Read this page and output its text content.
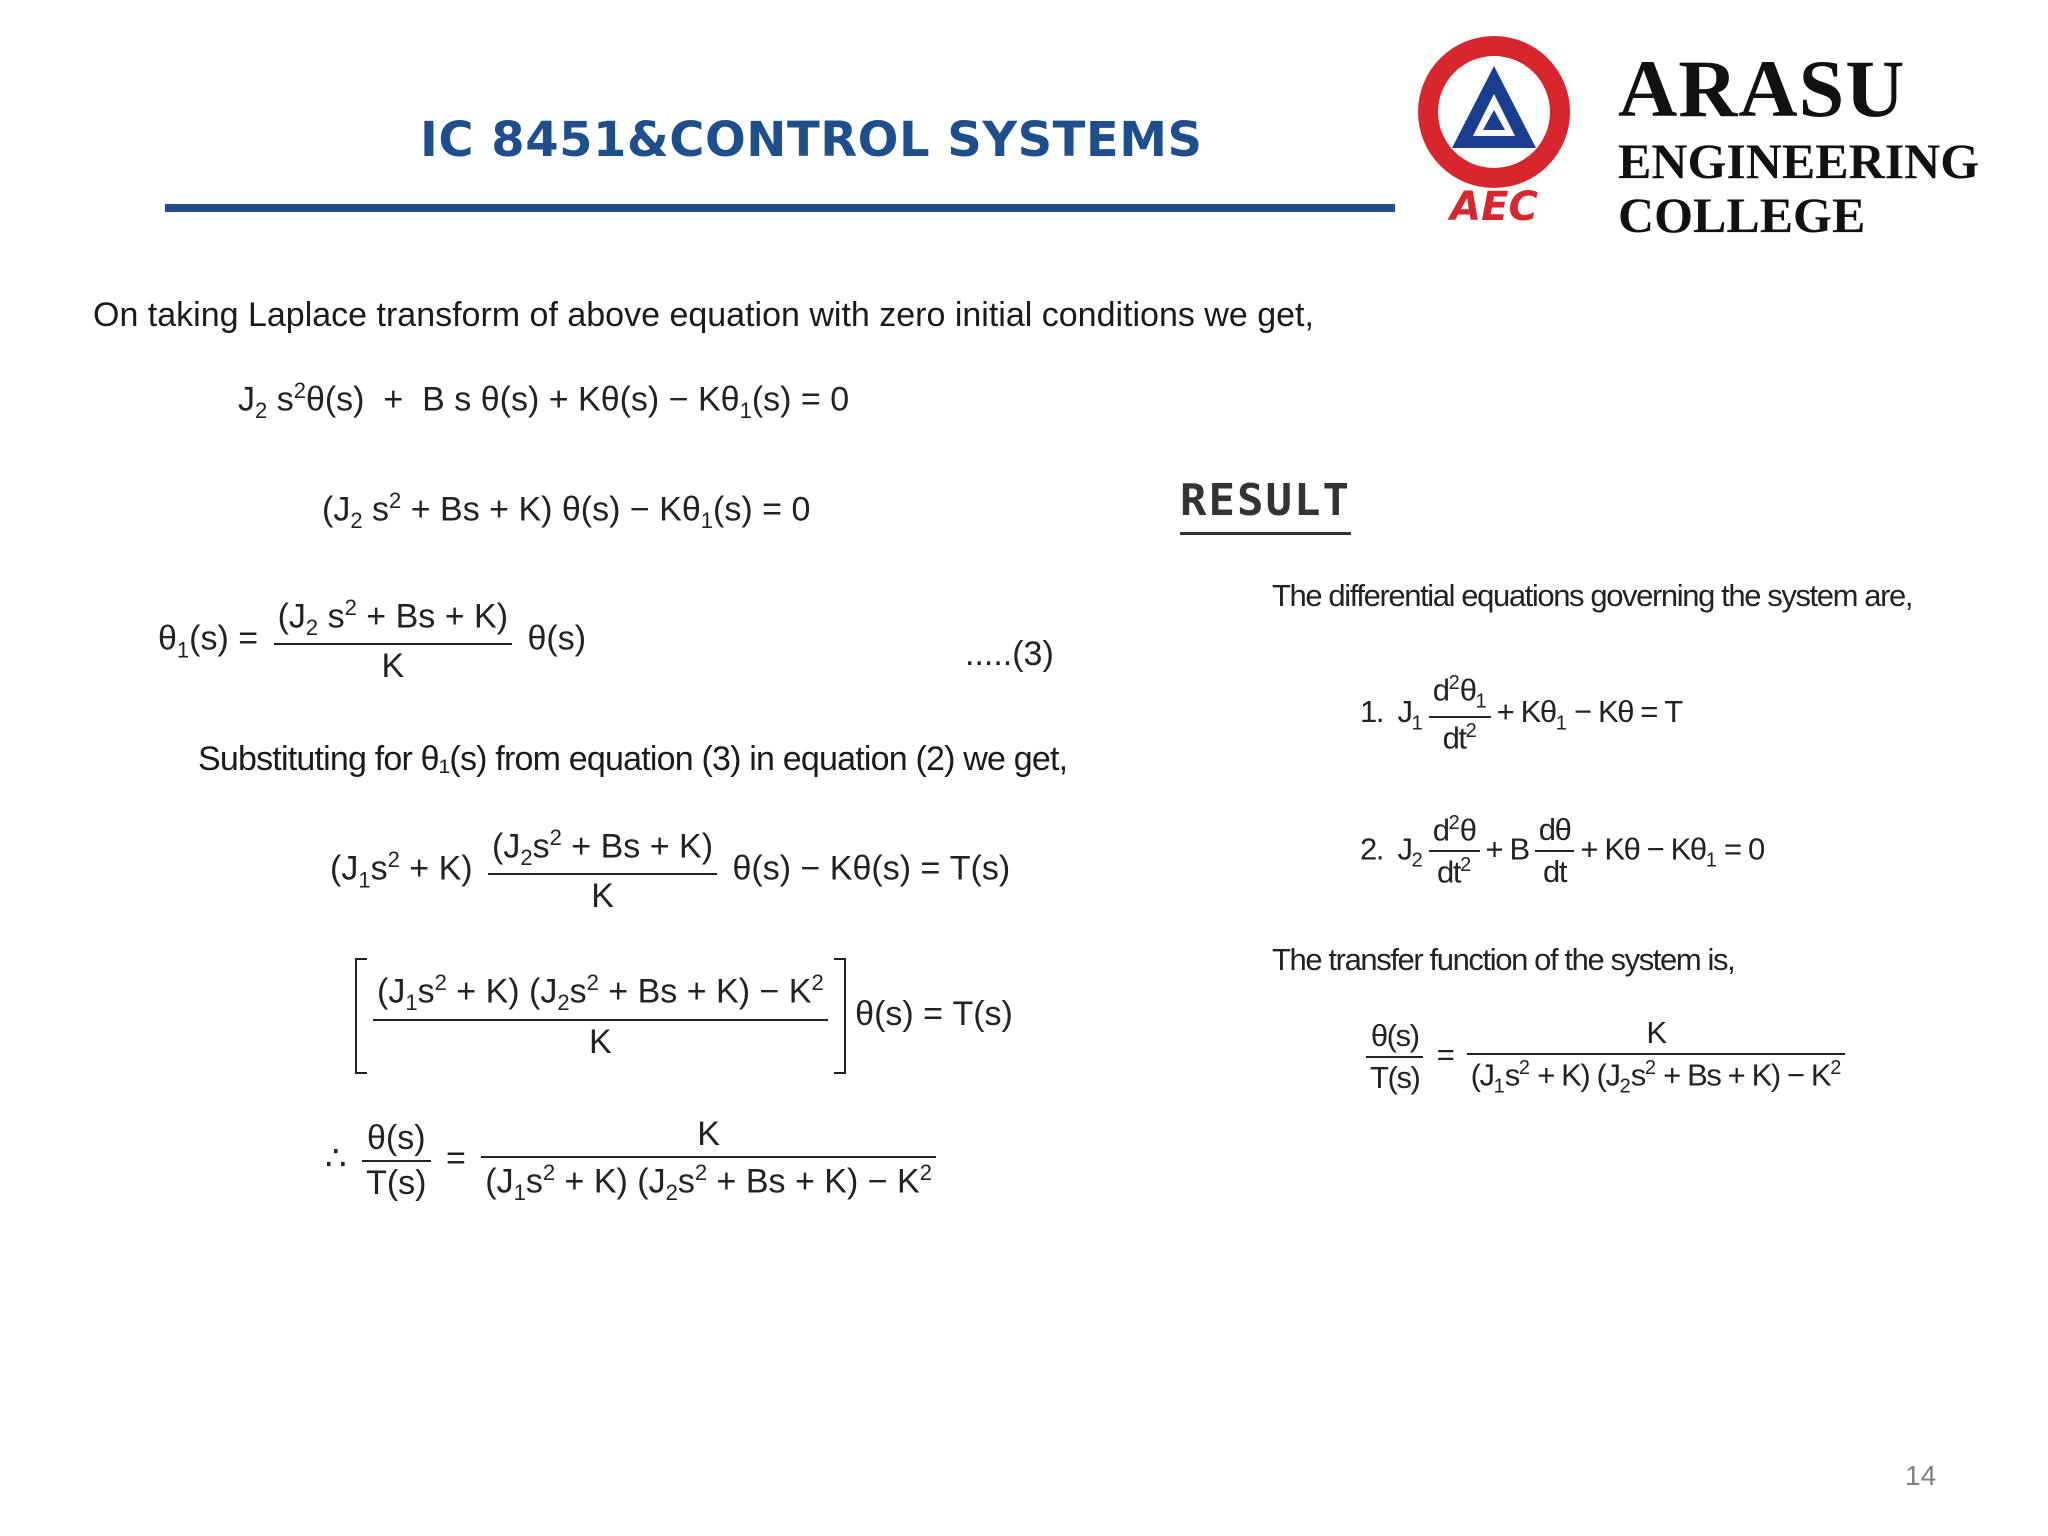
IC 8451&CONTROL SYSTEMS
AEC
ARASU
ENGINEERING
COLLEGE
On taking Laplace transform of above equation with zero initial conditions we get,
$J_2$ $s^2\theta(s) + B$ s $\theta(s) + K\theta(s) - K\theta_1(s) = 0$
($J_2$ $s^2 + Bs + K$) $\theta(s) - K\theta_1(s) = 0$
$\theta_1(s) = \frac{(J_2 s^2 + Bs + K)}{K} \theta(s)$	.....(3)
Substituting for θ₁(s) from equation (3) in equation (2) we get,
$(J_1s^2 + K) \frac{(J_2s^2 + Bs + K)}{K} \theta(s) - K\theta(s) = T(s)$
$\frac{(J_1s^2 + K) (J_2s^2 + Bs + K) - K^2}{K} \theta(s) = T(s)$
∴ $\frac{\theta(s)}{T(s)} = \frac{K}{(J_1s^2 + K) (J_2s^2 + Bs + K) - K^2}$
RESULT
The differential equations governing the system are,
1.  $J_1 \frac{d^2\theta_1}{dt^2} + K\theta_1 - K\theta = T$
2.  $J_2 \frac{d^2\theta}{dt^2} + B \frac{d\theta}{dt} + K\theta - K\theta_1 = 0$
The transfer function of the system is,
$\frac{\theta(s)}{T(s)} = \frac{K}{(J_1s^2 + K) (J_2s^2 + Bs + K) - K^2}$
14
